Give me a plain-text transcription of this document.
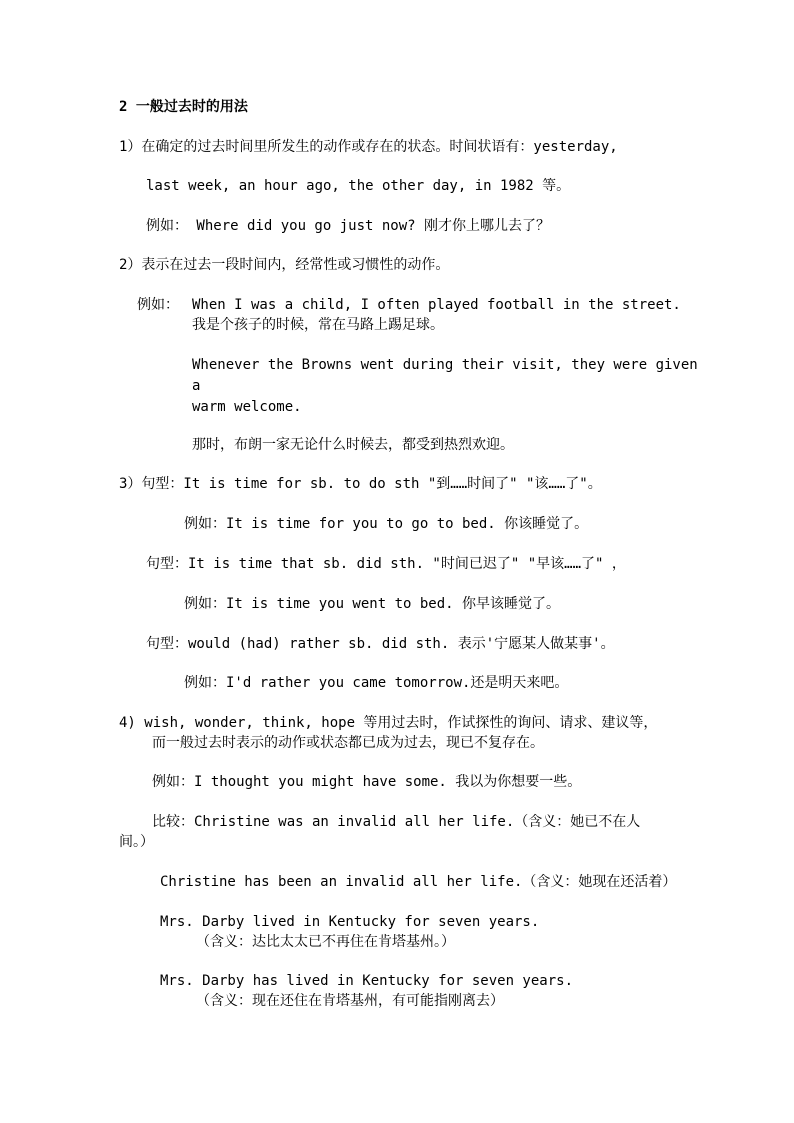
2 一般过去时的用法
1）在确定的过去时间里所发生的动作或存在的状态。时间状语有：yesterday,
last week, an hour ago, the other day, in 1982 等。
例如： Where did you go just now? 刚才你上哪儿去了？
2）表示在过去一段时间内，经常性或习惯性的动作。
例如： When I was a child, I often played football in the street.
我是个孩子的时候，常在马路上踢足球。
Whenever the Browns went during their visit, they were given
a
warm welcome.
那时，布朗一家无论什么时候去，都受到热烈欢迎。
3）句型：It is time for sb. to do sth "到……时间了" "该……了"。
例如：It is time for you to go to bed. 你该睡觉了。
句型：It is time that sb. did sth. "时间已迟了" "早该……了" ，
例如：It is time you went to bed. 你早该睡觉了。
句型：would (had) rather sb. did sth. 表示'宁愿某人做某事'。
例如：I'd rather you came tomorrow.还是明天来吧。
4) wish, wonder, think, hope 等用过去时，作试探性的询问、请求、建议等，
而一般过去时表示的动作或状态都已成为过去，现已不复存在。
例如：I thought you might have some. 我以为你想要一些。
比较：Christine was an invalid all her life.（含义：她已不在人
间。）
Christine has been an invalid all her life.（含义：她现在还活着）
Mrs. Darby lived in Kentucky for seven years.
（含义：达比太太已不再住在肯塔基州。）
Mrs. Darby has lived in Kentucky for seven years.
（含义：现在还住在肯塔基州，有可能指刚离去）
